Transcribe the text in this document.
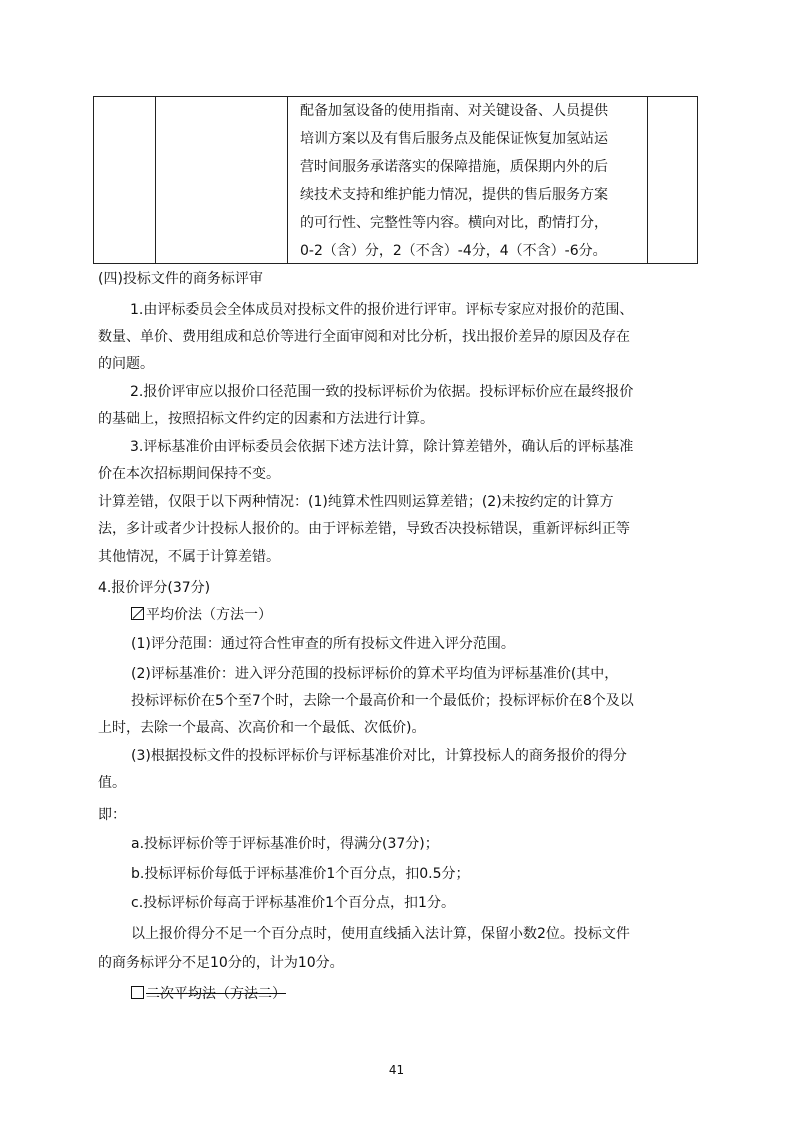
配备加氢设备的使用指南、对关键设备、人员提供
培训方案以及有售后服务点及能保证恢复加氢站运
营时间服务承诺落实的保障措施，质保期内外的后
续技术支持和维护能力情况，提供的售后服务方案
的可行性、完整性等内容。横向对比，酌情打分，
0-2（含）分，2（不含）-4分，4（不含）-6分。
(四)投标文件的商务标评审
1.由评标委员会全体成员对投标文件的报价进行评审。评标专家应对报价的范围、
数量、单价、费用组成和总价等进行全面审阅和对比分析，找出报价差异的原因及存在
的问题。
2.报价评审应以报价口径范围一致的投标评标价为依据。投标评标价应在最终报价
的基础上，按照招标文件约定的因素和方法进行计算。
3.评标基准价由评标委员会依据下述方法计算，除计算差错外，确认后的评标基准
价在本次招标期间保持不变。
计算差错，仅限于以下两种情况：(1)纯算术性四则运算差错；(2)未按约定的计算方
法，多计或者少计投标人报价的。由于评标差错，导致否决投标错误，重新评标纠正等
其他情况，不属于计算差错。
4.报价评分(37分)
平均价法（方法一）
(1)评分范围：通过符合性审查的所有投标文件进入评分范围。
(2)评标基准价：进入评分范围的投标评标价的算术平均值为评标基准价(其中，
投标评标价在5个至7个时，去除一个最高价和一个最低价；投标评标价在8个及以
上时，去除一个最高、次高价和一个最低、次低价)。
(3)根据投标文件的投标评标价与评标基准价对比，计算投标人的商务报价的得分
值。
即：
a.投标评标价等于评标基准价时，得满分(37分)；
b.投标评标价每低于评标基准价1个百分点，扣0.5分；
c.投标评标价每高于评标基准价1个百分点，扣1分。
以上报价得分不足一个百分点时，使用直线插入法计算，保留小数2位。投标文件
的商务标评分不足10分的，计为10分。
二次平均法（方法二）
41
